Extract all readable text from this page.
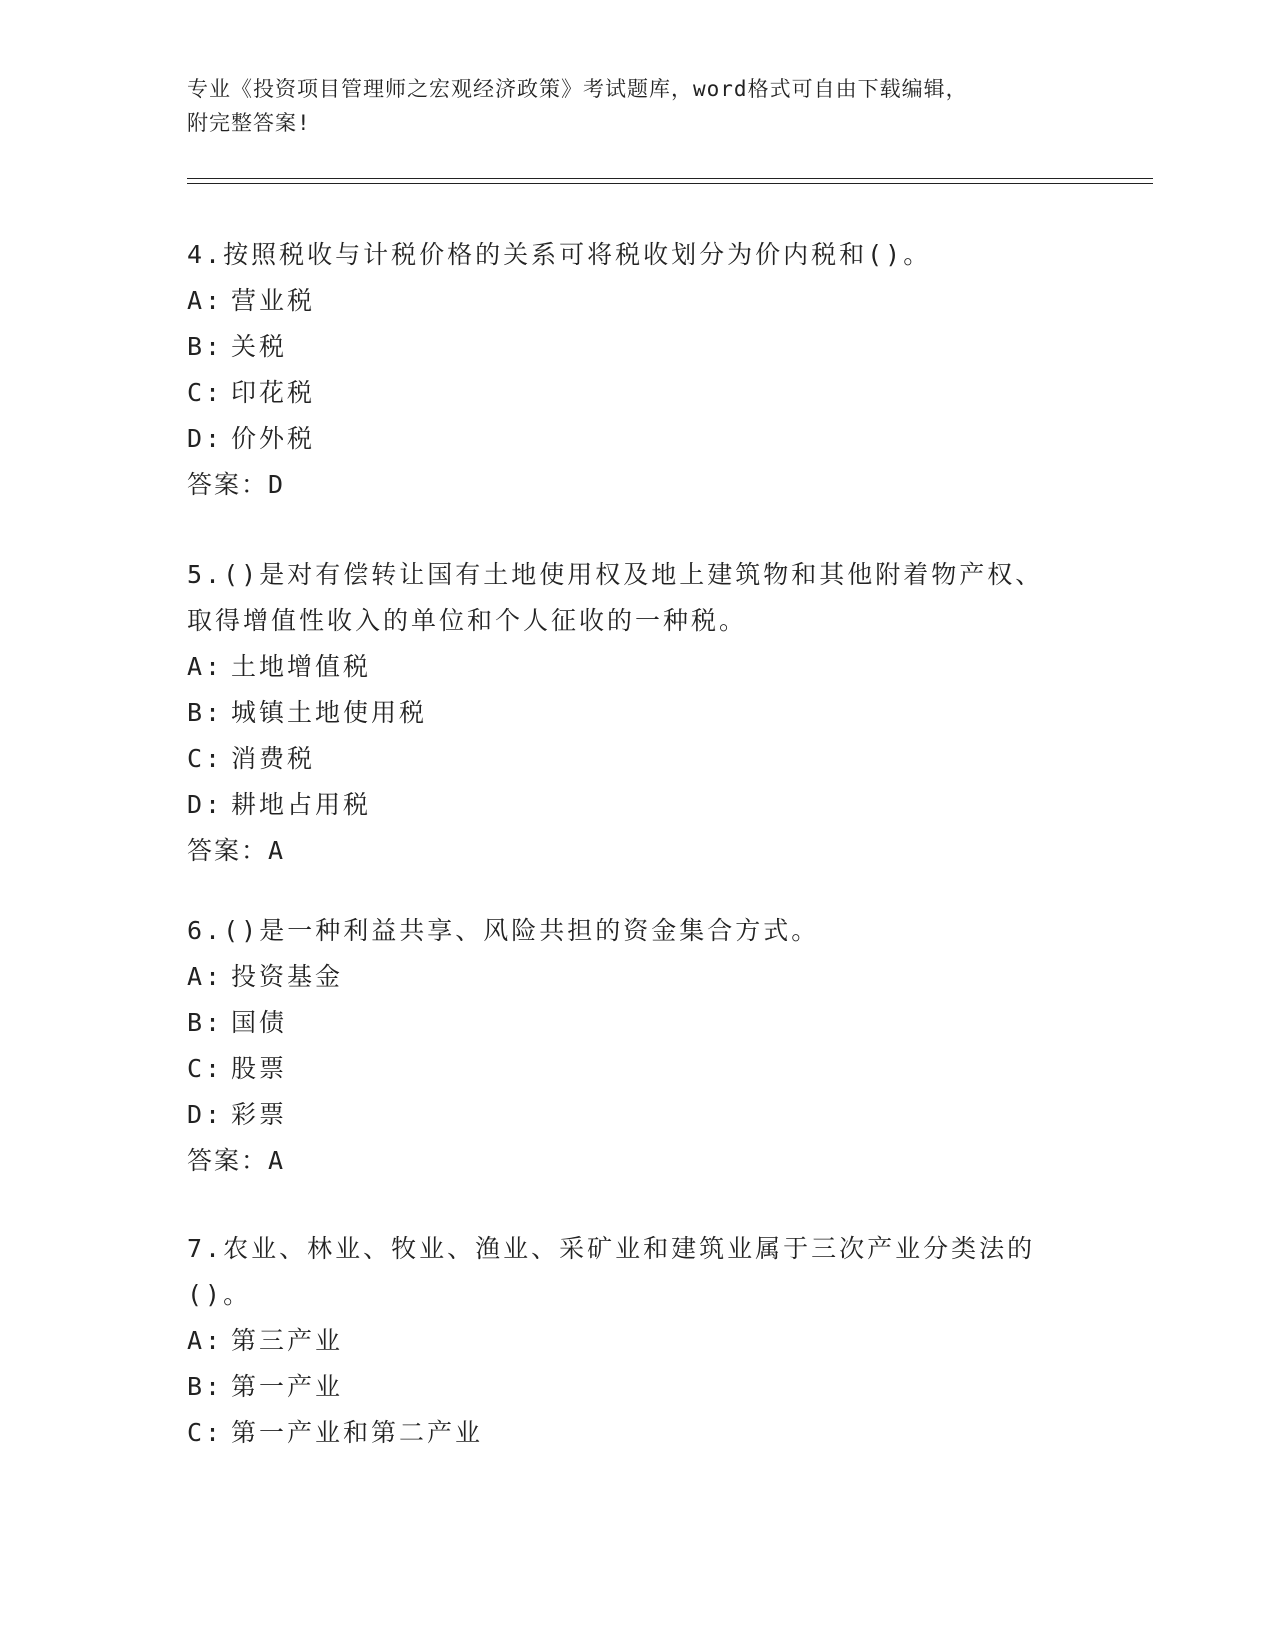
专业《投资项目管理师之宏观经济政策》考试题库，word格式可自由下载编辑，
附完整答案!
4.按照税收与计税价格的关系可将税收划分为价内税和()。
A: 营业税
B: 关税
C: 印花税
D: 价外税
答案：D
5.()是对有偿转让国有土地使用权及地上建筑物和其他附着物产权、
取得增值性收入的单位和个人征收的一种税。
A: 土地增值税
B: 城镇土地使用税
C: 消费税
D: 耕地占用税
答案：A
6.()是一种利益共享、风险共担的资金集合方式。
A: 投资基金
B: 国债
C: 股票
D: 彩票
答案：A
7.农业、林业、牧业、渔业、采矿业和建筑业属于三次产业分类法的
()。
A: 第三产业
B: 第一产业
C: 第一产业和第二产业
